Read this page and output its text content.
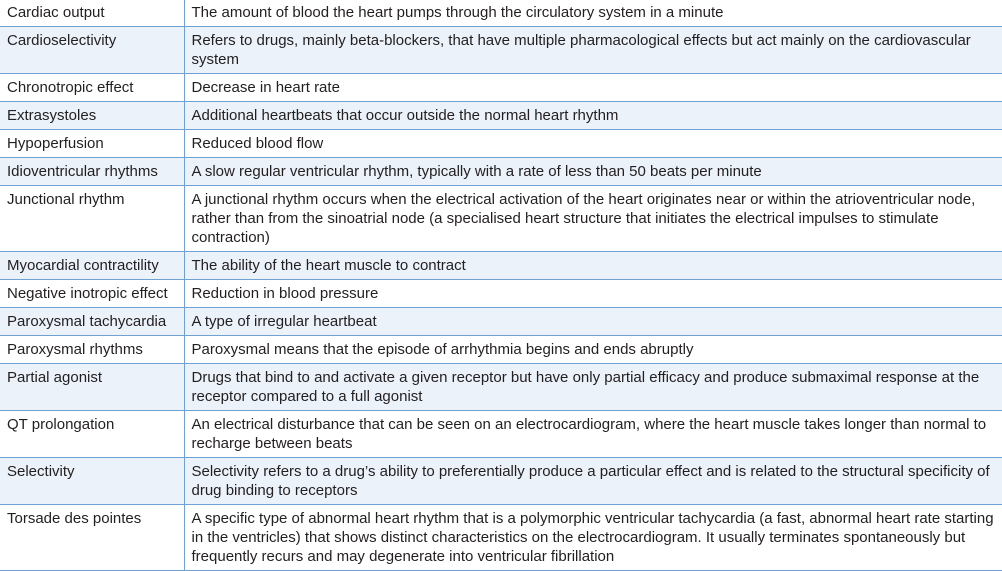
Cardiac output	The amount of blood the heart pumps through the circulatory system in a minute
Cardioselectivity	Refers to drugs, mainly beta-blockers, that have multiple pharmacological effects but act mainly on the cardiovascular system
Chronotropic effect	Decrease in heart rate
Extrasystoles	Additional heartbeats that occur outside the normal heart rhythm
Hypoperfusion	Reduced blood flow
Idioventricular rhythms	A slow regular ventricular rhythm, typically with a rate of less than 50 beats per minute
Junctional rhythm	A junctional rhythm occurs when the electrical activation of the heart originates near or within the atrioventricular node, rather than from the sinoatrial node (a specialised heart structure that initiates the electrical impulses to stimulate contraction)
Myocardial contractility	The ability of the heart muscle to contract
Negative inotropic effect	Reduction in blood pressure
Paroxysmal tachycardia	A type of irregular heartbeat
Paroxysmal rhythms	Paroxysmal means that the episode of arrhythmia begins and ends abruptly
Partial agonist	Drugs that bind to and activate a given receptor but have only partial efficacy and produce submaximal response at the receptor compared to a full agonist
QT prolongation	An electrical disturbance that can be seen on an electrocardiogram, where the heart muscle takes longer than normal to recharge between beats
Selectivity	Selectivity refers to a drug’s ability to preferentially produce a particular effect and is related to the structural specificity of drug binding to receptors
Torsade des pointes	A specific type of abnormal heart rhythm that is a polymorphic ventricular tachycardia (a fast, abnormal heart rate starting in the ventricles) that shows distinct characteristics on the electrocardiogram. It usually terminates spontaneously but frequently recurs and may degenerate into ventricular fibrillation
